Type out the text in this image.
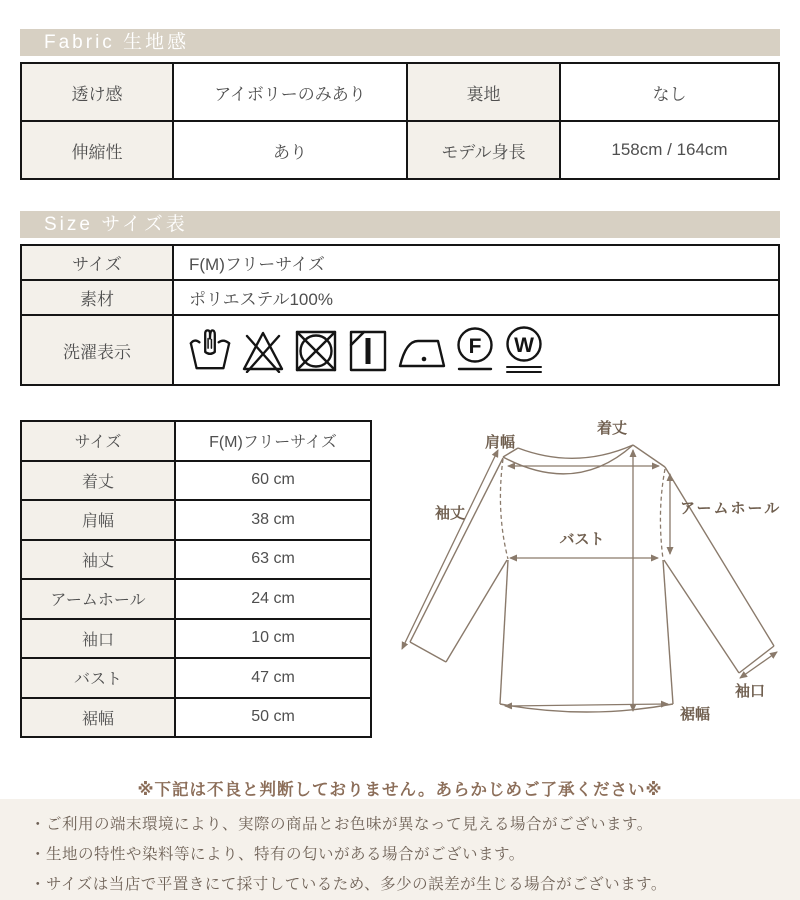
Fabric 生地感
透け感	アイボリーのみあり	裏地	なし
伸縮性	あり	モデル身長	158cm / 164cm
Size サイズ表
サイズ	F(M)フリーサイズ
素材	ポリエステル100%
洗濯表示	F W
サイズ	F(M)フリーサイズ
着丈	60 cm
肩幅	38 cm
袖丈	63 cm
アームホール	24 cm
袖口	10 cm
バスト	47 cm
裾幅	50 cm
着丈
肩幅
袖丈	アームホール
バスト
袖口
裾幅
※下記は不良と判断しておりません。あらかじめご了承ください※
・ご利用の端末環境により、実際の商品とお色味が異なって見える場合がございます。
・生地の特性や染料等により、特有の匂いがある場合がございます。
・サイズは当店で平置きにて採寸しているため、多少の誤差が生じる場合がございます。
